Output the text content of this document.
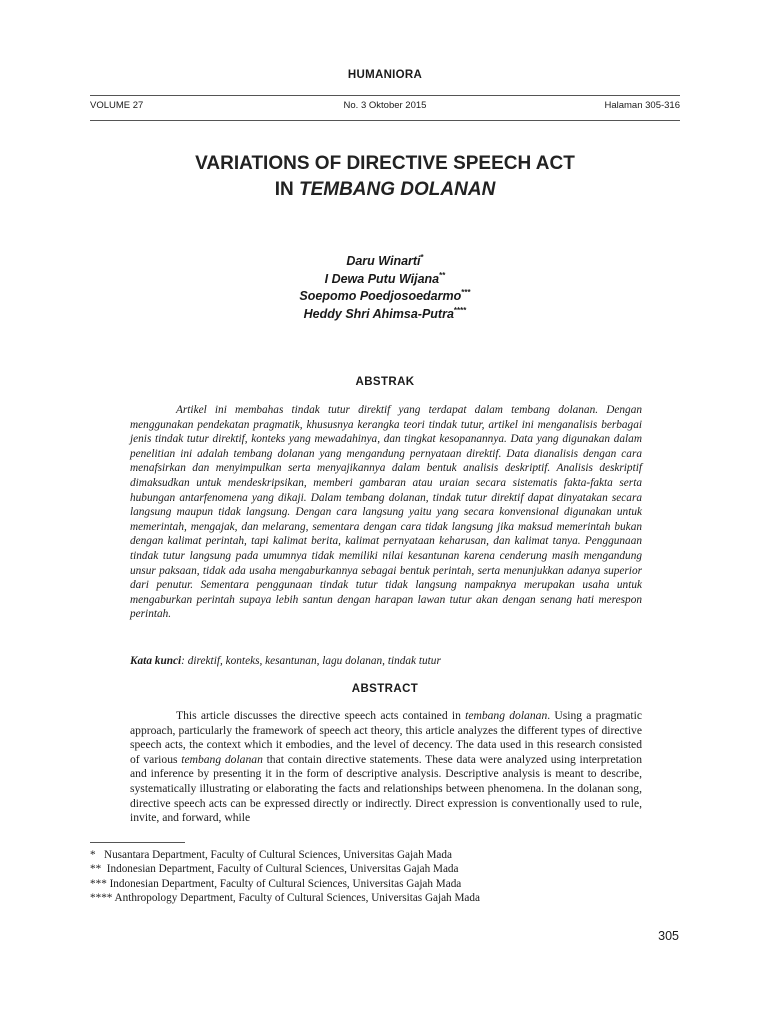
HUMANIORA
VOLUME 27	No. 3 Oktober 2015	Halaman 305-316
VARIATIONS OF DIRECTIVE SPEECH ACT
IN TEMBANG DOLANAN
Daru Winarti*
I Dewa Putu Wijana**
Soepomo Poedjosoedarmo***
Heddy Shri Ahimsa-Putra****
ABSTRAK
Artikel ini membahas tindak tutur direktif yang terdapat dalam tembang dolanan. Dengan menggunakan pendekatan pragmatik, khususnya kerangka teori tindak tutur, artikel ini menganalisis berbagai jenis tindak tutur direktif, konteks yang mewadahinya, dan tingkat kesopanannya. Data yang digunakan dalam penelitian ini adalah tembang dolanan yang mengandung pernyataan direktif. Data dianalisis dengan cara menafsirkan dan menyimpulkan serta menyajikannya dalam bentuk analisis deskriptif. Analisis deskriptif dimaksudkan untuk mendeskripsikan, memberi gambaran atau uraian secara sistematis fakta-fakta serta hubungan antarfenomena yang dikaji. Dalam tembang dolanan, tindak tutur direktif dapat dinyatakan secara langsung maupun tidak langsung. Dengan cara langsung yaitu yang secara konvensional digunakan untuk memerintah, mengajak, dan melarang, sementara dengan cara tidak langsung jika maksud memerintah bukan dengan kalimat perintah, tapi kalimat berita, kalimat pernyataan keharusan, dan kalimat tanya. Penggunaan tindak tutur langsung pada umumnya tidak memiliki nilai kesantunan karena cenderung masih mengandung unsur paksaan, tidak ada usaha mengaburkannya sebagai bentuk perintah, serta menunjukkan adanya superior dari penutur. Sementara penggunaan tindak tutur tidak langsung nampaknya merupakan usaha untuk mengaburkan perintah supaya lebih santun dengan harapan lawan tutur akan dengan senang hati merespon perintah.
Kata kunci: direktif, konteks, kesantunan, lagu dolanan, tindak tutur
ABSTRACT
This article discusses the directive speech acts contained in tembang dolanan. Using a pragmatic approach, particularly the framework of speech act theory, this article analyzes the different types of directive speech acts, the context which it embodies, and the level of decency. The data used in this research consisted of various tembang dolanan that contain directive statements. These data were analyzed using interpretation and inference by presenting it in the form of descriptive analysis. Descriptive analysis is meant to describe, systematically illustrating or elaborating the facts and relationships between phenomena. In the dolanan song, directive speech acts can be expressed directly or indirectly. Direct expression is conventionally used to rule, invite, and forward, while
*   Nusantara Department, Faculty of Cultural Sciences, Universitas Gajah Mada
**  Indonesian Department, Faculty of Cultural Sciences, Universitas Gajah Mada
*** Indonesian Department, Faculty of Cultural Sciences, Universitas Gajah Mada
**** Anthropology Department, Faculty of Cultural Sciences, Universitas Gajah Mada
305
